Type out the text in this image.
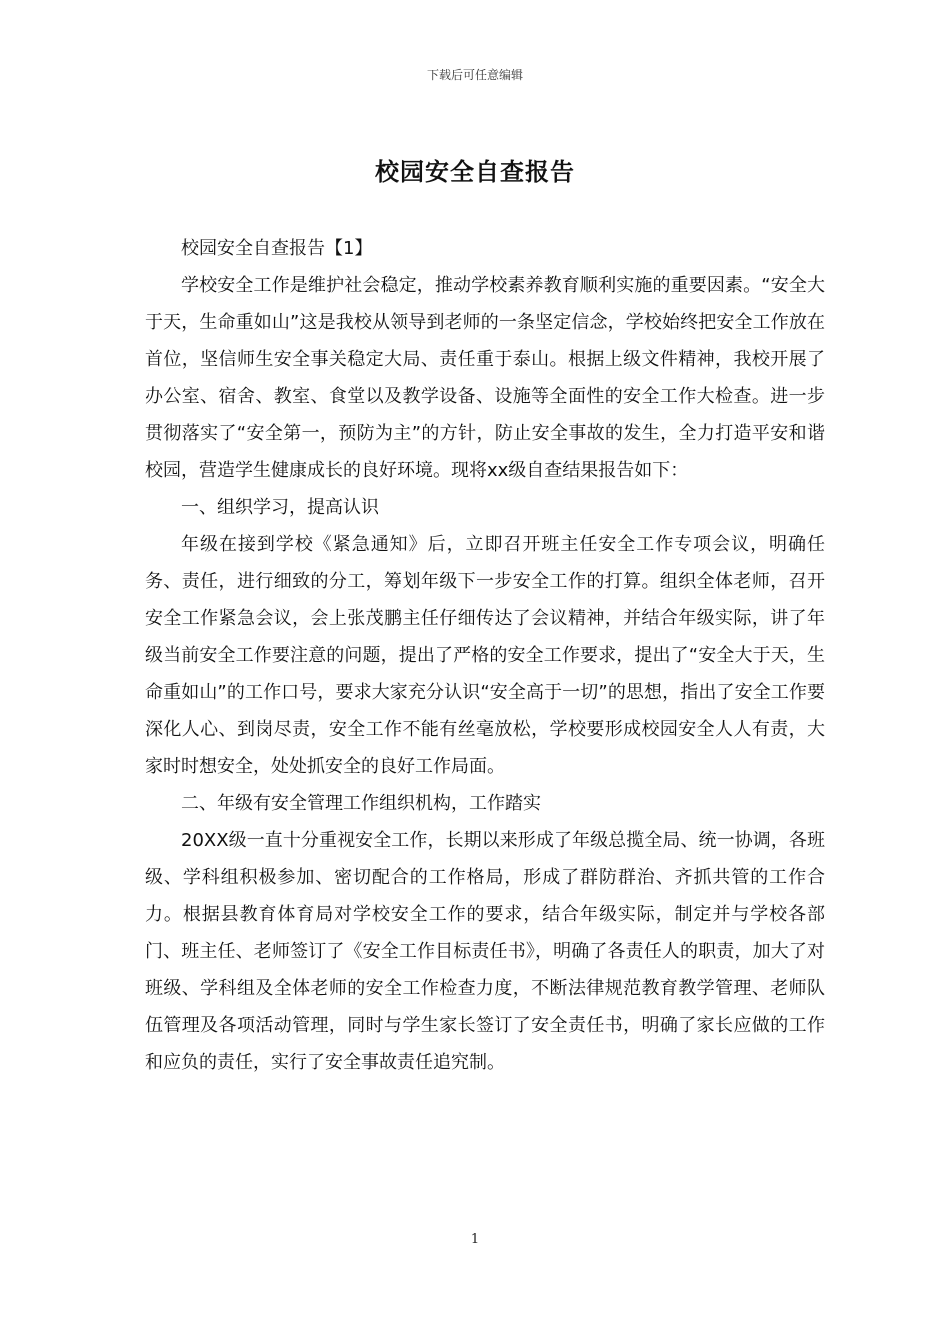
下载后可任意编辑
校园安全自查报告

校园安全自查报告【1】

学校安全工作是维护社会稳定，推动学校素养教育顺利实施的重要因素。“安全大于天，生命重如山”这是我校从领导到老师的一条坚定信念，学校始终把安全工作放在首位，坚信师生安全事关稳定大局、责任重于泰山。根据上级文件精神，我校开展了办公室、宿舍、教室、食堂以及教学设备、设施等全面性的安全工作大检查。进一步贯彻落实了“安全第一，预防为主”的方针，防止安全事故的发生，全力打造平安和谐校园，营造学生健康成长的良好环境。现将xx级自查结果报告如下：

一、组织学习，提高认识

年级在接到学校《紧急通知》后，立即召开班主任安全工作专项会议，明确任务、责任，进行细致的分工，筹划年级下一步安全工作的打算。组织全体老师，召开安全工作紧急会议，会上张茂鹏主任仔细传达了会议精神，并结合年级实际，讲了年级当前安全工作要注意的问题，提出了严格的安全工作要求，提出了“安全大于天，生命重如山”的工作口号，要求大家充分认识“安全高于一切”的思想，指出了安全工作要深化人心、到岗尽责，安全工作不能有丝毫放松，学校要形成校园安全人人有责，大家时时想安全，处处抓安全的良好工作局面。

二、年级有安全管理工作组织机构，工作踏实

20XX级一直十分重视安全工作，长期以来形成了年级总揽全局、统一协调，各班级、学科组积极参加、密切配合的工作格局，形成了群防群治、齐抓共管的工作合力。根据县教育体育局对学校安全工作的要求，结合年级实际，制定并与学校各部门、班主任、老师签订了《安全工作目标责任书》，明确了各责任人的职责，加大了对班级、学科组及全体老师的安全工作检查力度，不断法律规范教育教学管理、老师队伍管理及各项活动管理，同时与学生家长签订了安全责任书，明确了家长应做的工作和应负的责任，实行了安全事故责任追究制。

1
